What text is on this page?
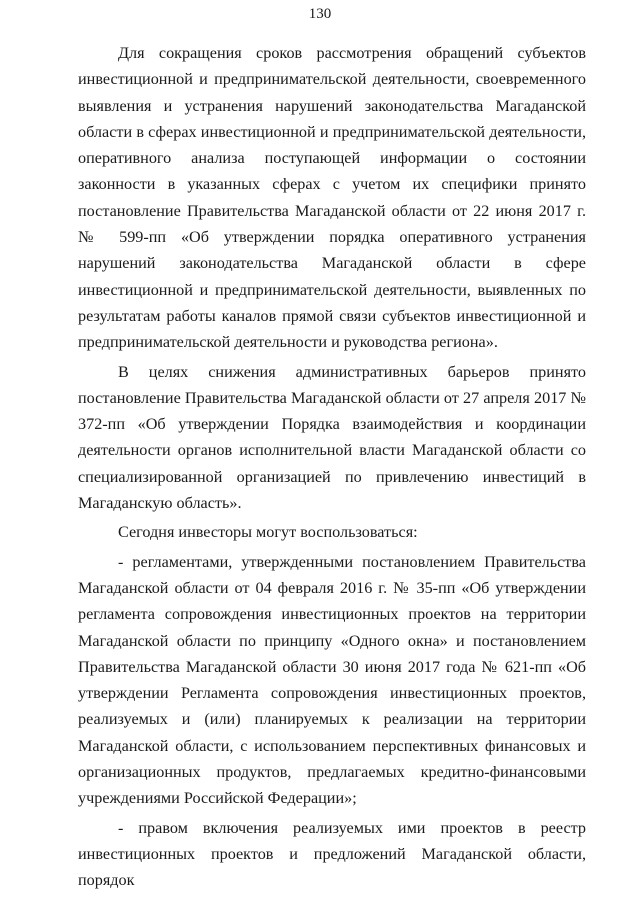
130

Для сокращения сроков рассмотрения обращений субъектов инвестиционной и предпринимательской деятельности, своевременного выявления и устранения нарушений законодательства Магаданской области в сферах инвестиционной и предпринимательской деятельности, оперативного анализа поступающей информации о состоянии законности в указанных сферах с учетом их специфики принято постановление Правительства Магаданской области от 22 июня 2017 г. № 599-пп «Об утверждении порядка оперативного устранения нарушений законодательства Магаданской области в сфере инвестиционной и предпринимательской деятельности, выявленных по результатам работы каналов прямой связи субъектов инвестиционной и предпринимательской деятельности и руководства региона».

В целях снижения административных барьеров принято постановление Правительства Магаданской области от 27 апреля 2017 № 372-пп «Об утверждении Порядка взаимодействия и координации деятельности органов исполнительной власти Магаданской области со специализированной организацией по привлечению инвестиций в Магаданскую область».

Сегодня инвесторы могут воспользоваться:

- регламентами, утвержденными постановлением Правительства Магаданской области от 04 февраля 2016 г. № 35-пп «Об утверждении регламента сопровождения инвестиционных проектов на территории Магаданской области по принципу «Одного окна» и постановлением Правительства Магаданской области 30 июня 2017 года № 621-пп «Об утверждении Регламента сопровождения инвестиционных проектов, реализуемых и (или) планируемых к реализации на территории Магаданской области, с использованием перспективных финансовых и организационных продуктов, предлагаемых кредитно-финансовыми учреждениями Российской Федерации»;

- правом включения реализуемых ими проектов в реестр инвестиционных проектов и предложений Магаданской области, порядок
